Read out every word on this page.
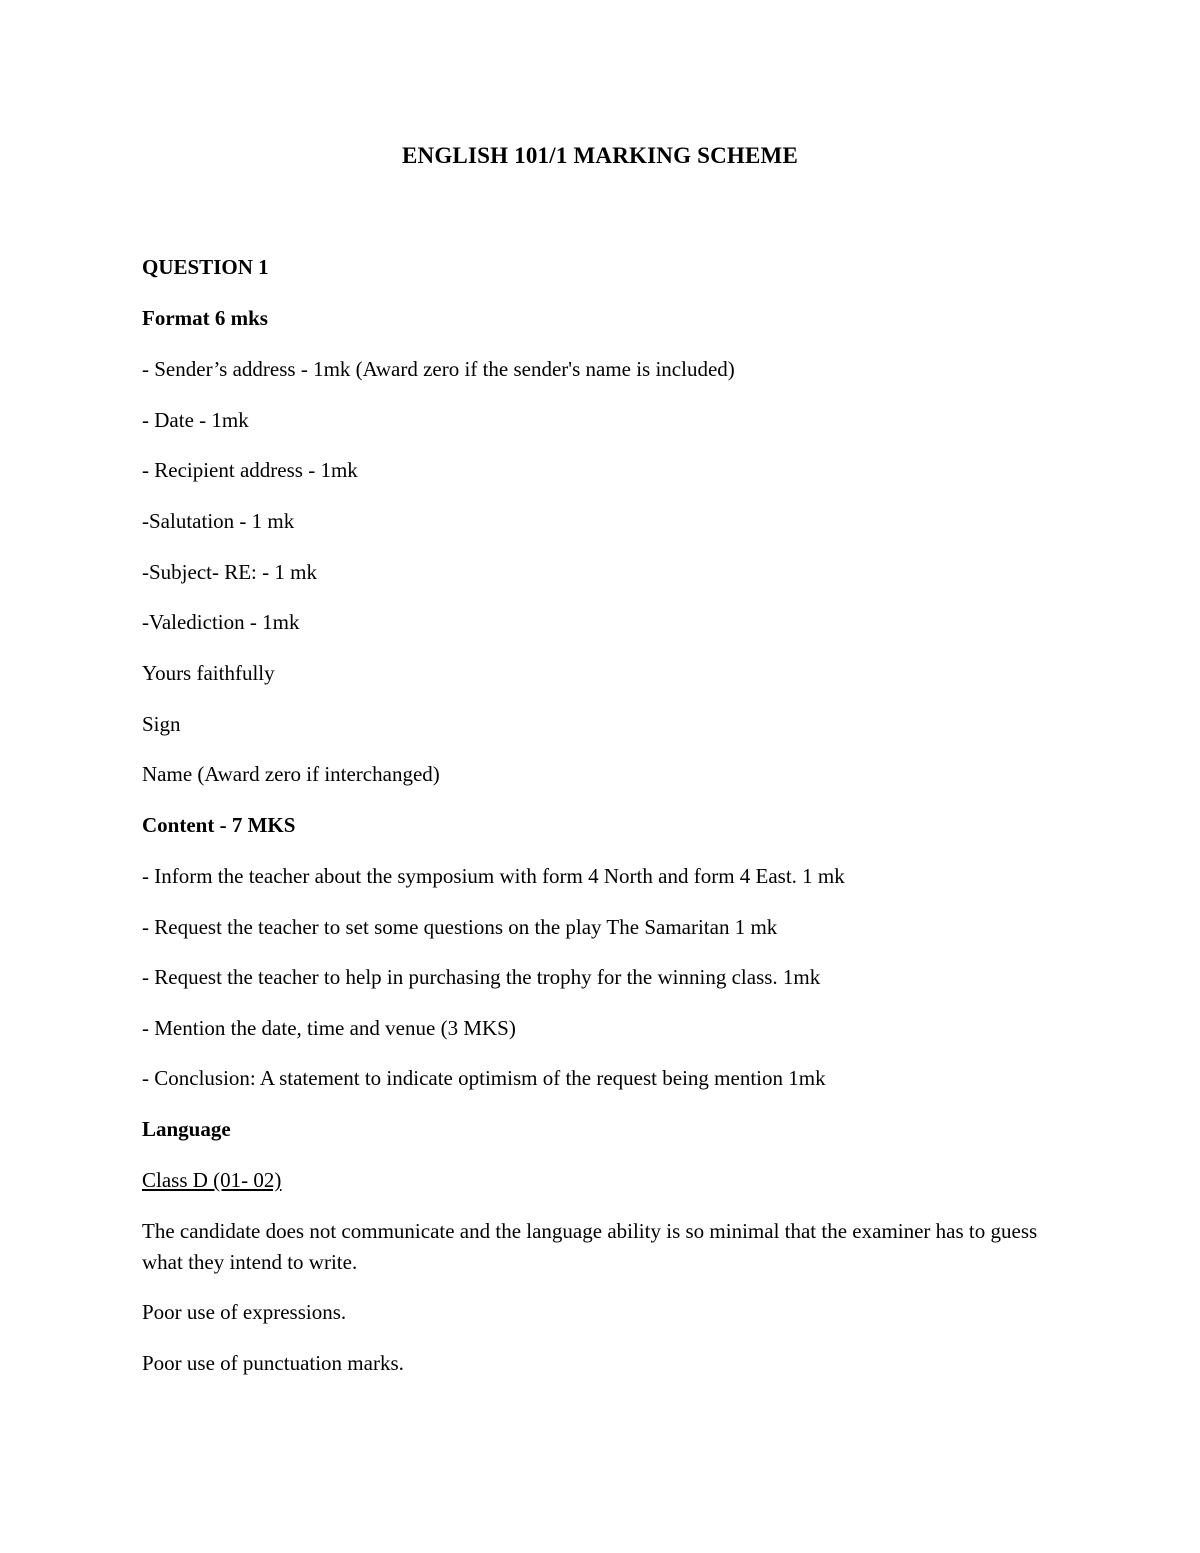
ENGLISH 101/1 MARKING SCHEME
QUESTION 1
Format 6 mks
- Sender’s address - 1mk (Award zero if the sender's name is included)
- Date - 1mk
- Recipient address - 1mk
-Salutation - 1 mk
-Subject- RE: - 1 mk
-Valediction - 1mk
Yours faithfully
Sign
Name (Award zero if interchanged)
Content - 7 MKS
- Inform the teacher about the symposium with form 4 North and form 4 East. 1 mk
- Request the teacher to set some questions on the play The Samaritan 1 mk
- Request the teacher to help in purchasing the trophy for the winning class. 1mk
- Mention the date, time and venue (3 MKS)
- Conclusion: A statement to indicate optimism of the request being mention 1mk
Language
Class D (01- 02)
The candidate does not communicate and the language ability is so minimal that the examiner has to guess what they intend to write.
Poor use of expressions.
Poor use of punctuation marks.
